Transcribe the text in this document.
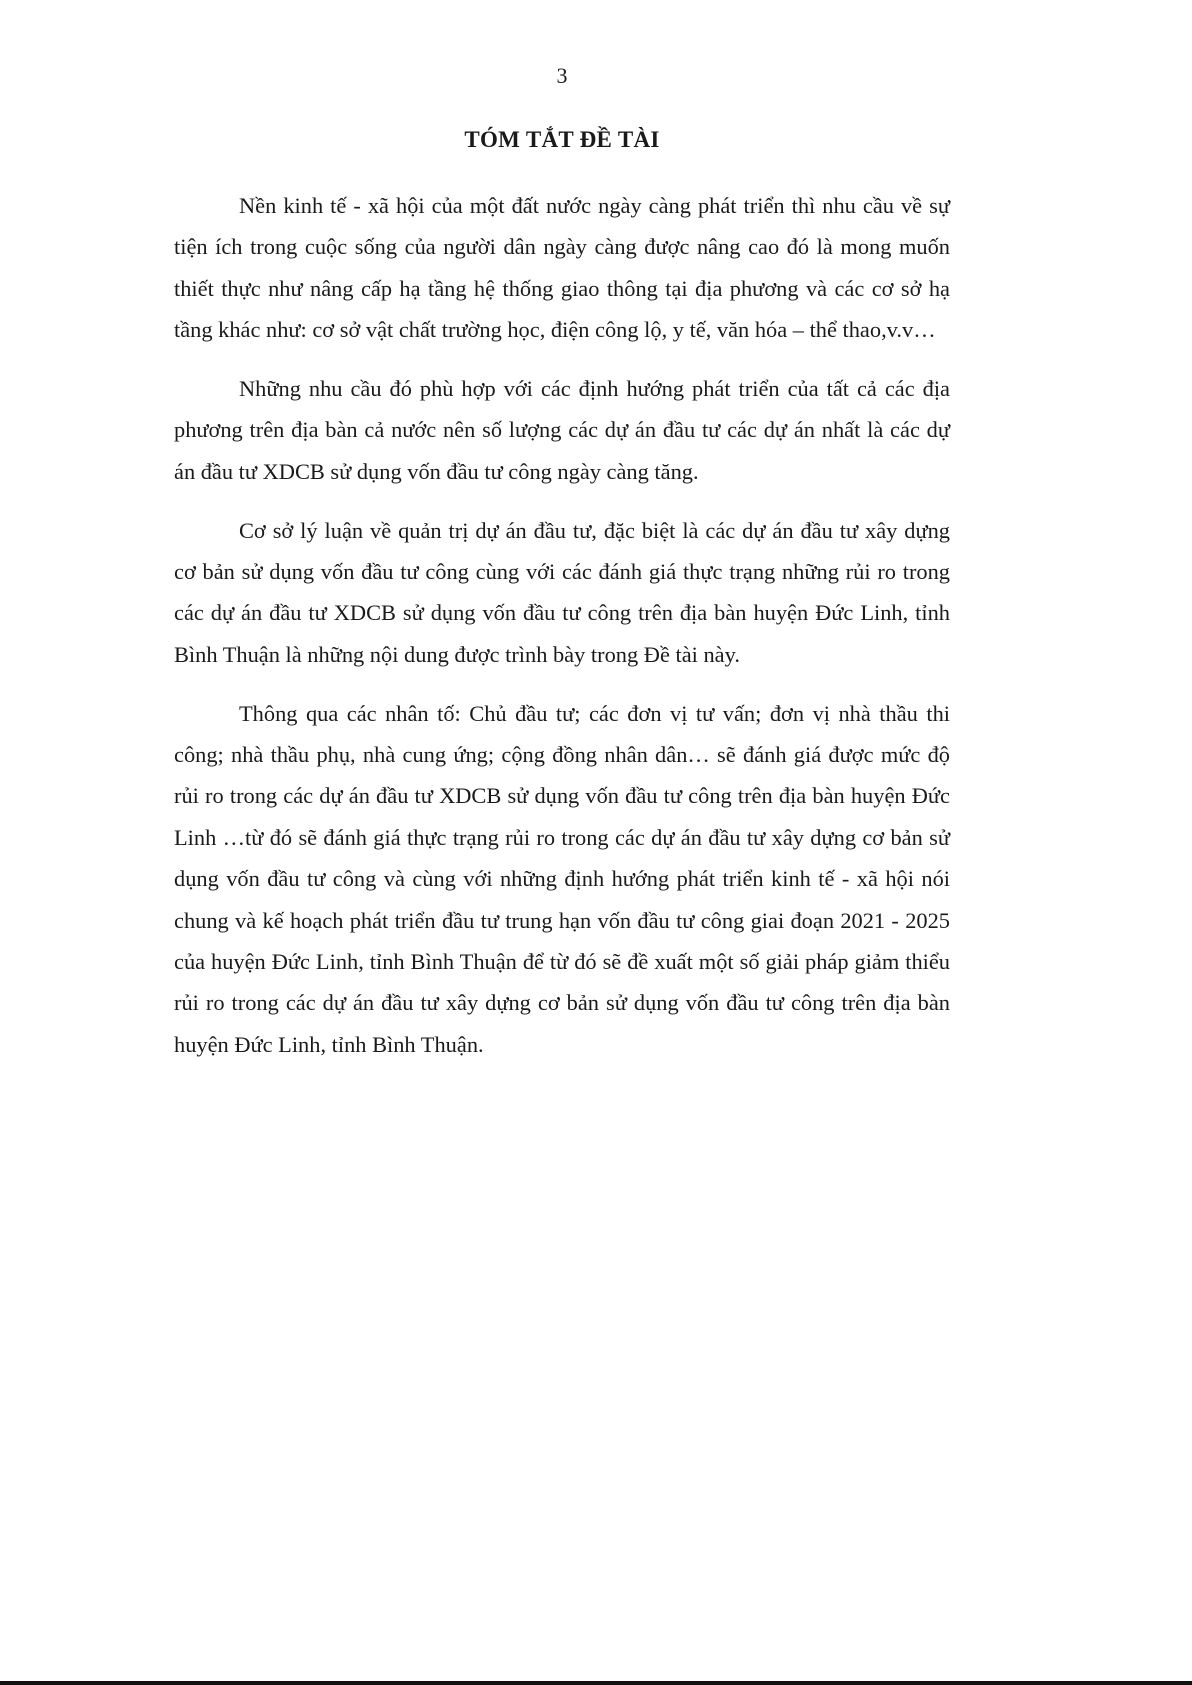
3
TÓM TẮT ĐỀ TÀI

Nền kinh tế - xã hội của một đất nước ngày càng phát triển thì nhu cầu về sự tiện ích trong cuộc sống của người dân ngày càng được nâng cao đó là mong muốn thiết thực như nâng cấp hạ tầng hệ thống giao thông tại địa phương và các cơ sở hạ tầng khác như: cơ sở vật chất trường học, điện công lộ, y tế, văn hóa – thể thao,v.v…

Những nhu cầu đó phù hợp với các định hướng phát triển của tất cả các địa phương trên địa bàn cả nước nên số lượng các dự án đầu tư các dự án nhất là các dự án đầu tư XDCB sử dụng vốn đầu tư công ngày càng tăng.

Cơ sở lý luận về quản trị dự án đầu tư, đặc biệt là các dự án đầu tư xây dựng cơ bản sử dụng vốn đầu tư công cùng với các đánh giá thực trạng những rủi ro trong các dự án đầu tư XDCB sử dụng vốn đầu tư công trên địa bàn huyện Đức Linh, tỉnh Bình Thuận là những nội dung được trình bày trong Đề tài này.

Thông qua các nhân tố: Chủ đầu tư; các đơn vị tư vấn; đơn vị nhà thầu thi công; nhà thầu phụ, nhà cung ứng; cộng đồng nhân dân… sẽ đánh giá được mức độ rủi ro trong các dự án đầu tư XDCB sử dụng vốn đầu tư công trên địa bàn huyện Đức Linh …từ đó sẽ đánh giá thực trạng rủi ro trong các dự án đầu tư xây dựng cơ bản sử dụng vốn đầu tư công và cùng với những định hướng phát triển kinh tế - xã hội nói chung và kế hoạch phát triển đầu tư trung hạn vốn đầu tư công giai đoạn 2021 - 2025 của huyện Đức Linh, tỉnh Bình Thuận để từ đó sẽ đề xuất một số giải pháp giảm thiểu rủi ro trong các dự án đầu tư xây dựng cơ bản sử dụng vốn đầu tư công trên địa bàn huyện Đức Linh, tỉnh Bình Thuận.
